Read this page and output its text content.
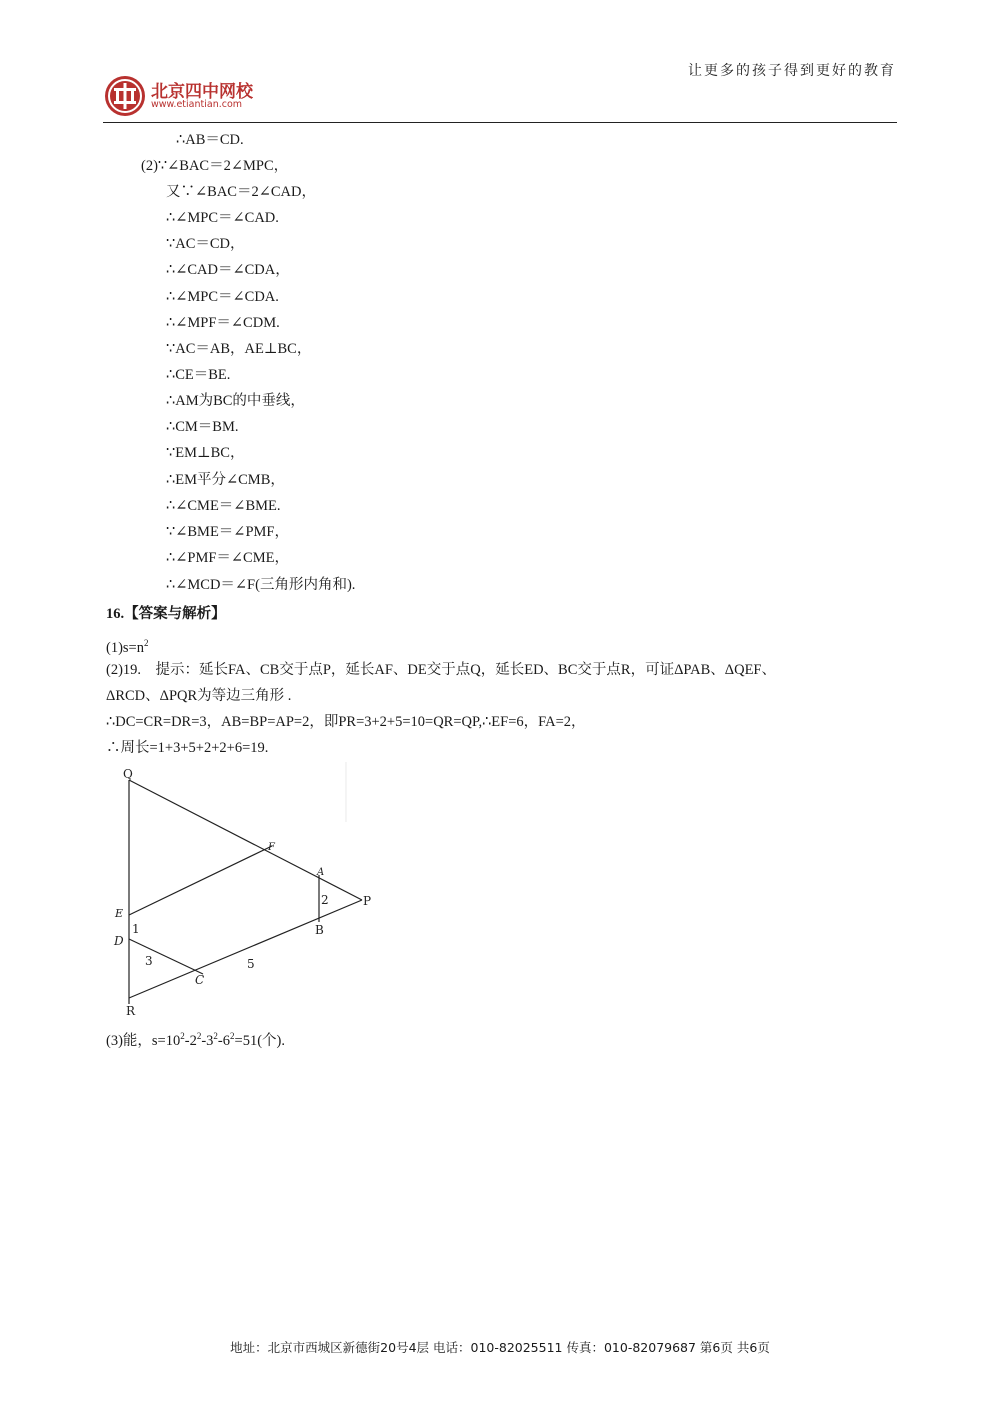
让更多的孩子得到更好的教育
北京四中网校
www.etiantian.com
∴AB＝CD.
(2)∵∠BAC＝2∠MPC，
又∵∠BAC＝2∠CAD，
∴∠MPC＝∠CAD.
∵AC＝CD，
∴∠CAD＝∠CDA，
∴∠MPC＝∠CDA.
∴∠MPF＝∠CDM.
∵AC＝AB，AE⊥BC，
∴CE＝BE.
∴AM为BC的中垂线，
∴CM＝BM.
∵EM⊥BC，
∴EM平分∠CMB，
∴∠CME＝∠BME.
∵∠BME＝∠PMF，
∴∠PMF＝∠CME，
∴∠MCD＝∠F(三角形内角和).
16.【答案与解析】
$(1)s=n^2$
(2)19.　提示：延长FA、CB交于点P，延长AF、DE交于点Q，延长ED、BC交于点R，可证ΔPAB、ΔQEF、
ΔRCD、ΔPQR为等边三角形 .
∴DC=CR=DR=3，AB=BP=AP=2，即PR=3+2+5=10=QR=QP,∴EF=6，FA=2，
∴周长=1+3+5+2+2+6=19.
(3)能，$s=10^2-2^2-3^2-6^2=51$(个).
Q
F
A
P
E
D
B
C
R
1
2
3	5
地址：北京市西城区新德街20号4层 电话：010-82025511 传真：010-82079687 第6页 共6页
